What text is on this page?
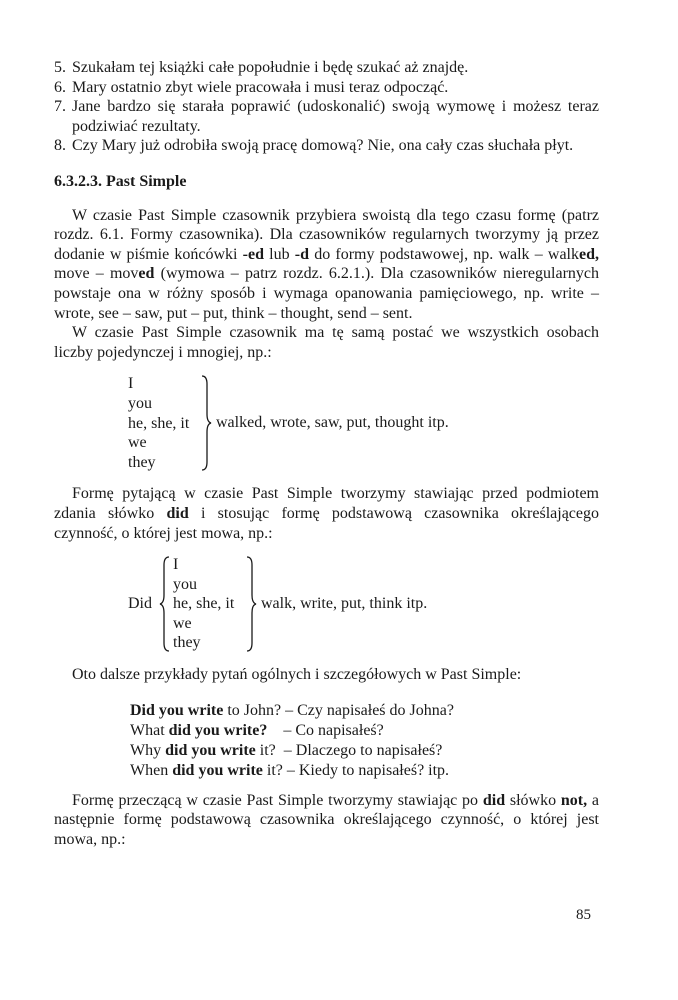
5. Szukałam tej książki całe popołudnie i będę szukać aż znajdę.
6. Mary ostatnio zbyt wiele pracowała i musi teraz odpocząć.
7. Jane bardzo się starała poprawić (udoskonalić) swoją wymowę i możesz teraz podziwiać rezultaty.
8. Czy Mary już odrobiła swoją pracę domową? Nie, ona cały czas słuchała płyt.
6.3.2.3. Past Simple
W czasie Past Simple czasownik przybiera swoistą dla tego czasu formę (patrz rozdz. 6.1. Formy czasownika). Dla czasowników regularnych tworzymy ją przez dodanie w piśmie końcówki -ed lub -d do formy podstawowej, np. walk – walked, move – moved (wymowa – patrz rozdz. 6.2.1.). Dla czasowników nieregularnych powstaje ona w różny sposób i wymaga opanowania pamięciowego, np. write – wrote, see – saw, put – put, think – thought, send – sent.
W czasie Past Simple czasownik ma tę samą postać we wszystkich osobach liczby pojedynczej i mnogiej, np.:
I
you
he, she, it
we
they
walked, wrote, saw, put, thought itp.
Formę pytającą w czasie Past Simple tworzymy stawiając przed podmiotem zdania słówko did i stosując formę podstawową czasownika określającego czynność, o której jest mowa, np.:
Did
I
you
he, she, it
we
they
walk, write, put, think itp.
Oto dalsze przykłady pytań ogólnych i szczegółowych w Past Simple:
Did you write to John? – Czy napisałeś do Johna?
What did you write?    – Co napisałeś?
Why did you write it?  – Dlaczego to napisałeś?
When did you write it? – Kiedy to napisałeś? itp.
Formę przeczącą w czasie Past Simple tworzymy stawiając po did słówko not, a następnie formę podstawową czasownika określającego czynność, o której jest mowa, np.:
85
